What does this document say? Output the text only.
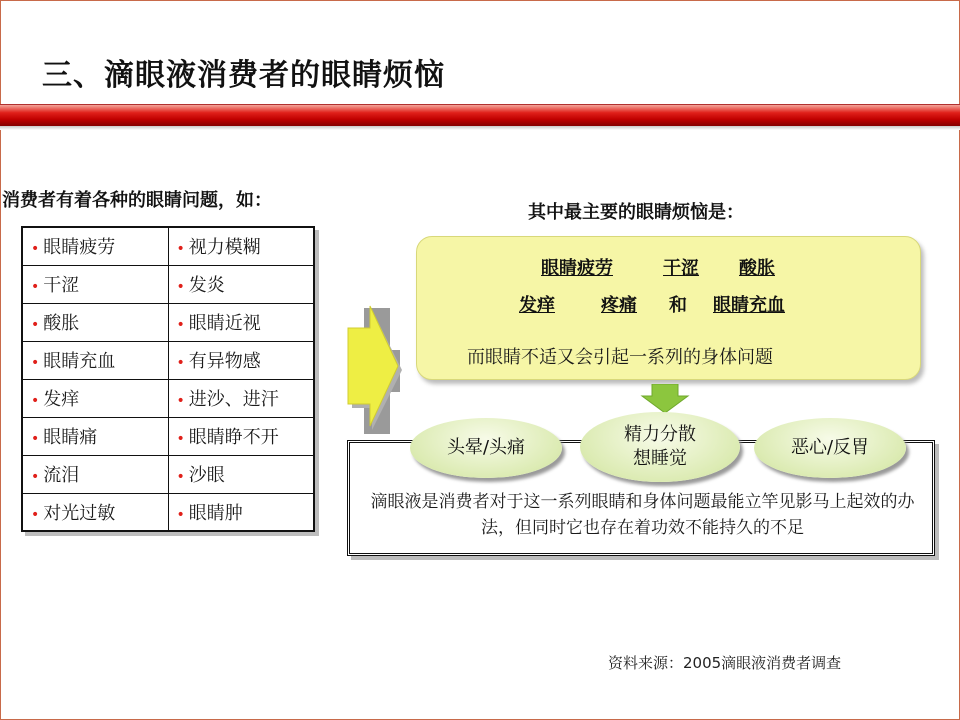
三、滴眼液消费者的眼睛烦恼
消费者有着各种的眼睛问题，如：
• 眼睛疲劳	• 视力模糊
• 干涩	• 发炎
• 酸胀	• 眼睛近视
• 眼睛充血	• 有异物感
• 发痒	• 进沙、进汗
• 眼睛痛	• 眼睛睁不开
• 流泪	• 沙眼
• 对光过敏	• 眼睛肿
其中最主要的眼睛烦恼是：
眼睛疲劳	干涩 酸胀
发痒	疼痛 和 眼睛充血
而眼睛不适又会引起一系列的身体问题
滴眼液是消费者对于这一系列眼睛和身体问题最能立竿见影马上起效的办法，但同时它也存在着功效不能持久的不足
头晕/头痛
精力分散
想睡觉
恶心/反胃
资料来源：2005滴眼液消费者调查
